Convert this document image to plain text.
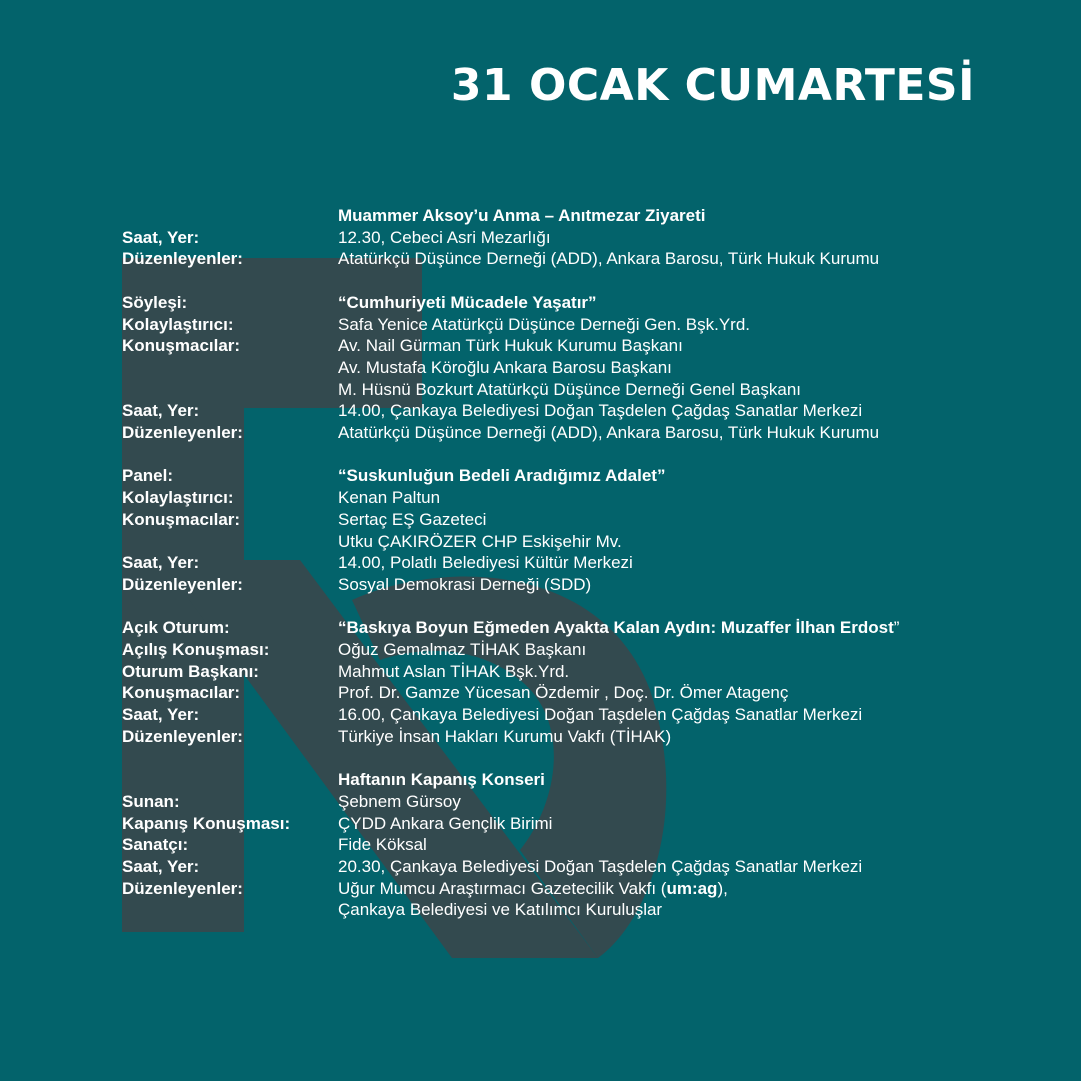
31 OCAK CUMARTESİ
Muammer Aksoy’u Anma – Anıtmezar Ziyareti
Saat, Yer:	12.30, Cebeci Asri Mezarlığı
Düzenleyenler:	Atatürkçü Düşünce Derneği (ADD), Ankara Barosu, Türk Hukuk Kurumu
Söyleşi:	“Cumhuriyeti Mücadele Yaşatır”
Kolaylaştırıcı:	Safa Yenice Atatürkçü Düşünce Derneği Gen. Bşk.Yrd.
Konuşmacılar:	Av. Nail Gürman Türk Hukuk Kurumu Başkanı
Av. Mustafa Köroğlu Ankara Barosu Başkanı
M. Hüsnü Bozkurt Atatürkçü Düşünce Derneği Genel Başkanı
Saat, Yer:	14.00, Çankaya Belediyesi Doğan Taşdelen Çağdaş Sanatlar Merkezi
Düzenleyenler:	Atatürkçü Düşünce Derneği (ADD), Ankara Barosu, Türk Hukuk Kurumu
Panel:	“Suskunluğun Bedeli Aradığımız Adalet”
Kolaylaştırıcı:	Kenan Paltun
Konuşmacılar:	Sertaç EŞ Gazeteci
Utku ÇAKIRÖZER CHP Eskişehir Mv.
Saat, Yer:	14.00, Polatlı Belediyesi Kültür Merkezi
Düzenleyenler:	Sosyal Demokrasi Derneği (SDD)
Açık Oturum:	“Baskıya Boyun Eğmeden Ayakta Kalan Aydın: Muzaffer İlhan Erdost”
Açılış Konuşması:	Oğuz Gemalmaz TİHAK Başkanı
Oturum Başkanı:	Mahmut Aslan TİHAK Bşk.Yrd.
Konuşmacılar:	Prof. Dr. Gamze Yücesan Özdemir , Doç. Dr. Ömer Atagenç
Saat, Yer:	16.00, Çankaya Belediyesi Doğan Taşdelen Çağdaş Sanatlar Merkezi
Düzenleyenler:	Türkiye İnsan Hakları Kurumu Vakfı (TİHAK)
Haftanın Kapanış Konseri
Sunan:	Şebnem Gürsoy
Kapanış Konuşması:	ÇYDD Ankara Gençlik Birimi
Sanatçı:	Fide Köksal
Saat, Yer:	20.30, Çankaya Belediyesi Doğan Taşdelen Çağdaş Sanatlar Merkezi
Düzenleyenler:	Uğur Mumcu Araştırmacı Gazetecilik Vakfı (um:ag),
Çankaya Belediyesi ve Katılımcı Kuruluşlar
